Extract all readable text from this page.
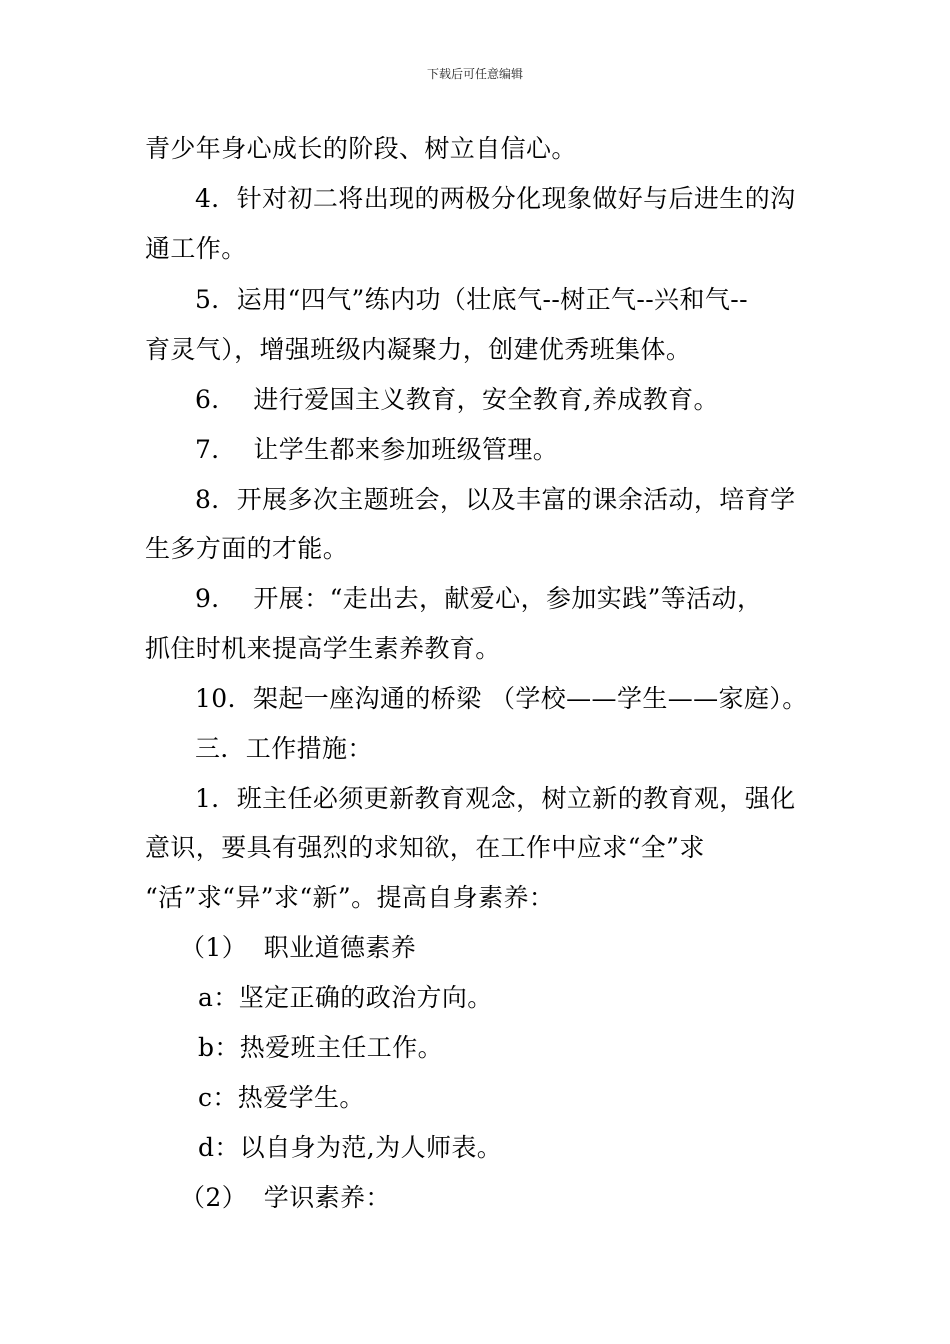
下载后可任意编辑
青少年身心成长的阶段、树立自信心。
4．针对初二将出现的两极分化现象做好与后进生的沟
通工作。
5．运用“四气”练内功（壮底气--树正气--兴和气--
育灵气），增强班级内凝聚力，创建优秀班集体。
6．  进行爱国主义教育，安全教育,养成教育。
7．  让学生都来参加班级管理。
8．开展多次主题班会，以及丰富的课余活动，培育学
生多方面的才能。
9．  开展：“走出去，献爱心，参加实践”等活动，
抓住时机来提高学生素养教育。
10．架起一座沟通的桥梁 （学校——学生——家庭）。
三．工作措施：
1．班主任必须更新教育观念，树立新的教育观，强化
意识，要具有强烈的求知欲，在工作中应求“全”求
“活”求“异”求“新”。提高自身素养：
（1）  职业道德素养
a：坚定正确的政治方向。
b：热爱班主任工作。
c：热爱学生。
d：以自身为范,为人师表。
（2）  学识素养：
